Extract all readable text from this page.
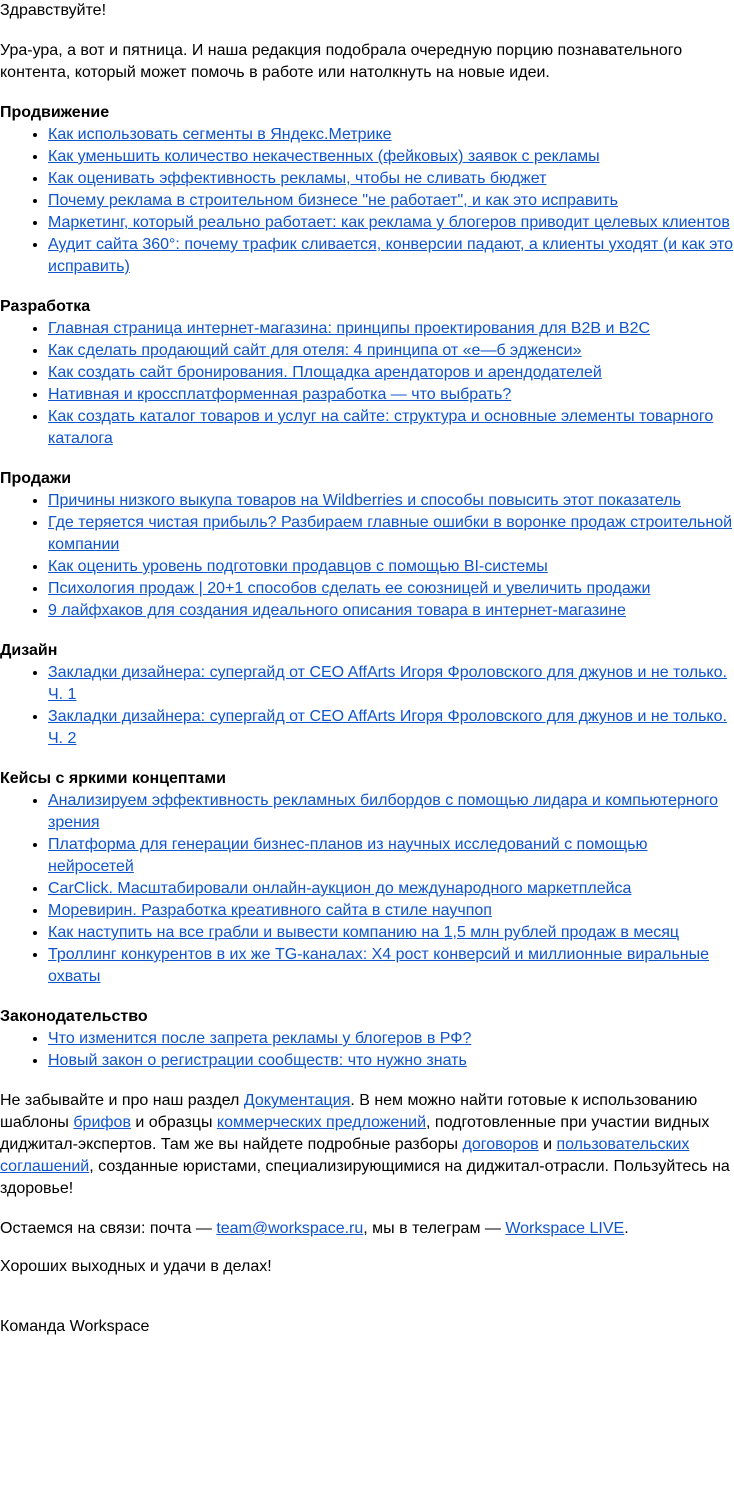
Здравствуйте!

Ура-ура, а вот и пятница. И наша редакция подобрала очередную порцию познавательного контента, который может помочь в работе или натолкнуть на новые идеи.

Продвижение

• Как использовать сегменты в Яндекс.Метрике
• Как уменьшить количество некачественных (фейковых) заявок с рекламы
• Как оценивать эффективность рекламы, чтобы не сливать бюджет
• Почему реклама в строительном бизнесе "не работает", и как это исправить
• Маркетинг, который реально работает: как реклама у блогеров приводит целевых клиентов
• Аудит сайта 360°: почему трафик сливается, конверсии падают, а клиенты уходят (и как это исправить)

Разработка

• Главная страница интернет-магазина: принципы проектирования для B2B и B2C
• Как сделать продающий сайт для отеля: 4 принципа от «е—б эдженси»
• Как создать сайт бронирования. Площадка арендаторов и арендодателей
• Нативная и кроссплатформенная разработка — что выбрать?
• Как создать каталог товаров и услуг на сайте: структура и основные элементы товарного каталога

Продажи

• Причины низкого выкупа товаров на Wildberries и способы повысить этот показатель
• Где теряется чистая прибыль? Разбираем главные ошибки в воронке продаж строительной компании
• Как оценить уровень подготовки продавцов с помощью BI-системы
• Психология продаж | 20+1 способов сделать ее союзницей и увеличить продажи
• 9 лайфхаков для создания идеального описания товара в интернет-магазине

Дизайн

• Закладки дизайнера: супергайд от CEO AffArts Игоря Фроловского для джунов и не только. Ч. 1
• Закладки дизайнера: супергайд от CEO AffArts Игоря Фроловского для джунов и не только. Ч. 2

Кейсы с яркими концептами

• Анализируем эффективность рекламных билбордов с помощью лидара и компьютерного зрения
• Платформа для генерации бизнес-планов из научных исследований с помощью нейросетей
• CarClick. Масштабировали онлайн-аукцион до международного маркетплейса
• Моревирин. Разработка креативного сайта в стиле научпоп
• Как наступить на все грабли и вывести компанию на 1,5 млн рублей продаж в месяц
• Троллинг конкурентов в их же TG-каналах: Х4 рост конверсий и миллионные виральные охваты

Законодательство

• Что изменится после запрета рекламы у блогеров в РФ?
• Новый закон о регистрации сообществ: что нужно знать

Не забывайте и про наш раздел Документация. В нем можно найти готовые к использованию шаблоны брифов и образцы коммерческих предложений, подготовленные при участии видных диджитал-экспертов. Там же вы найдете подробные разборы договоров и пользовательских соглашений, созданные юристами, специализирующимися на диджитал-отрасли. Пользуйтесь на здоровье!

Остаемся на связи: почта — team@workspace.ru, мы в телеграм — Workspace LIVE.

Хороших выходных и удачи в делах!

Команда Workspace
